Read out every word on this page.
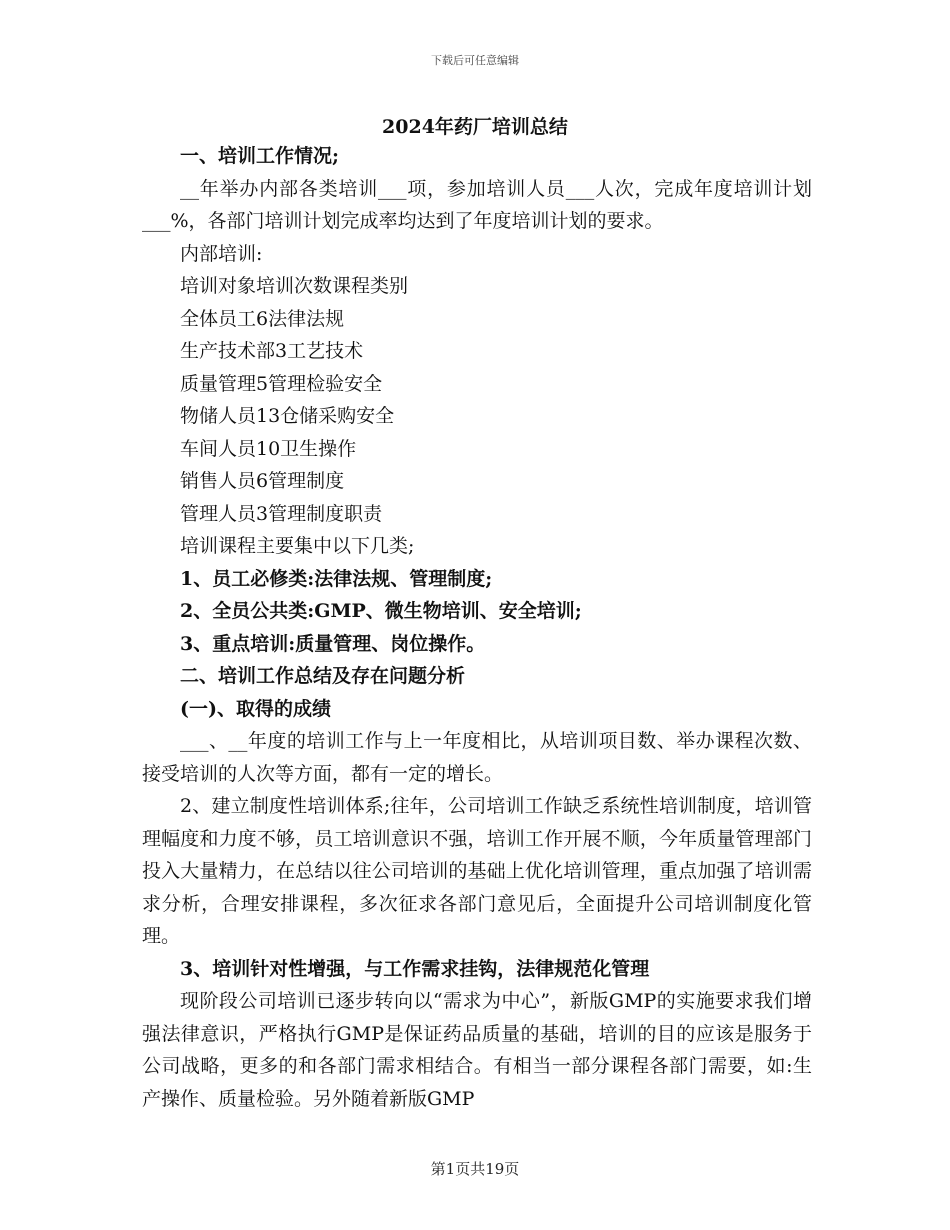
下载后可任意编辑
2024年药厂培训总结

一、培训工作情况;

__年举办内部各类培训___项，参加培训人员___人次，完成年度培训计划___%，各部门培训计划完成率均达到了年度培训计划的要求。

内部培训:

培训对象培训次数课程类别

全体员工6法律法规

生产技术部3工艺技术

质量管理5管理检验安全

物储人员13仓储采购安全

车间人员10卫生操作

销售人员6管理制度

管理人员3管理制度职责

培训课程主要集中以下几类;

1、员工必修类:法律法规、管理制度;

2、全员公共类:GMP、微生物培训、安全培训;

3、重点培训:质量管理、岗位操作。

二、培训工作总结及存在问题分析

(一)、取得的成绩

___、__年度的培训工作与上一年度相比，从培训项目数、举办课程次数、接受培训的人次等方面，都有一定的增长。

2、建立制度性培训体系;往年，公司培训工作缺乏系统性培训制度，培训管理幅度和力度不够，员工培训意识不强，培训工作开展不顺，今年质量管理部门投入大量精力，在总结以往公司培训的基础上优化培训管理，重点加强了培训需求分析，合理安排课程，多次征求各部门意见后，全面提升公司培训制度化管理。

3、培训针对性增强，与工作需求挂钩，法律规范化管理

现阶段公司培训已逐步转向以“需求为中心”，新版GMP的实施要求我们增强法律意识，严格执行GMP是保证药品质量的基础，培训的目的应该是服务于公司战略，更多的和各部门需求相结合。有相当一部分课程各部门需要，如:生产操作、质量检验。另外随着新版GMP

第1页共19页
